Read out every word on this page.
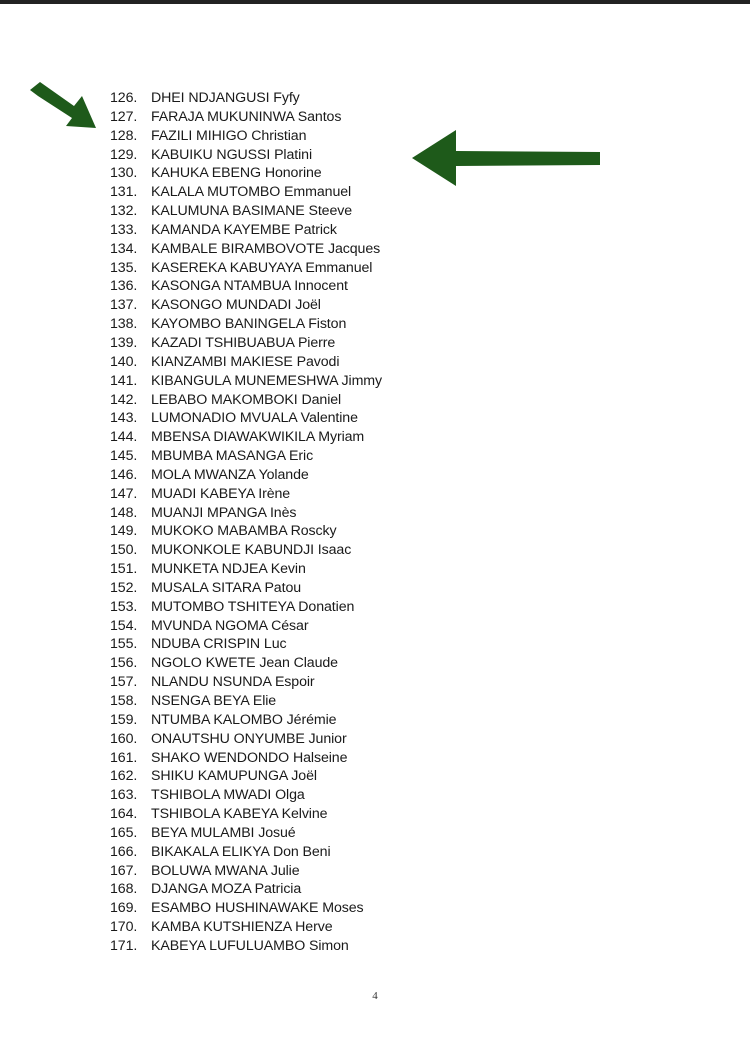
126. DHEI NDJANGUSI Fyfy
127. FARAJA MUKUNINWA Santos
128. FAZILI MIHIGO Christian
129. KABUIKU NGUSSI Platini
130. KAHUKA EBENG Honorine
131. KALALA MUTOMBO Emmanuel
132. KALUMUNA BASIMANE Steeve
133. KAMANDA KAYEMBE Patrick
134. KAMBALE BIRAMBOVOTE Jacques
135. KASEREKA KABUYAYA Emmanuel
136. KASONGA NTAMBUA Innocent
137. KASONGO MUNDADI Joël
138. KAYOMBO BANINGELA Fiston
139. KAZADI TSHIBUABUA Pierre
140. KIANZAMBI MAKIESE Pavodi
141. KIBANGULA MUNEMESHWA Jimmy
142. LEBABO MAKOMBOKI Daniel
143. LUMONADIO MVUALA Valentine
144. MBENSA DIAWAKWIKILA Myriam
145. MBUMBA MASANGA Eric
146. MOLA MWANZA Yolande
147. MUADI KABEYA Irène
148. MUANJI MPANGA Inès
149. MUKOKO MABAMBA Roscky
150. MUKONKOLE KABUNDJI Isaac
151. MUNKETA NDJEA Kevin
152. MUSALA SITARA Patou
153. MUTOMBO TSHITEYA Donatien
154. MVUNDA NGOMA César
155. NDUBA CRISPIN Luc
156. NGOLO KWETE Jean Claude
157. NLANDU NSUNDA Espoir
158. NSENGA BEYA Elie
159. NTUMBA KALOMBO Jérémie
160. ONAUTSHU ONYUMBE Junior
161. SHAKO WENDONDO Halseine
162. SHIKU KAMUPUNGA Joël
163. TSHIBOLA MWADI Olga
164. TSHIBOLA KABEYA Kelvine
165. BEYA MULAMBI Josué
166. BIKAKALA ELIKYA Don Beni
167. BOLUWA MWANA Julie
168. DJANGA MOZA Patricia
169. ESAMBO HUSHINAWAKE Moses
170. KAMBA KUTSHIENZA Herve
171. KABEYA LUFULUAMBO Simon
4
